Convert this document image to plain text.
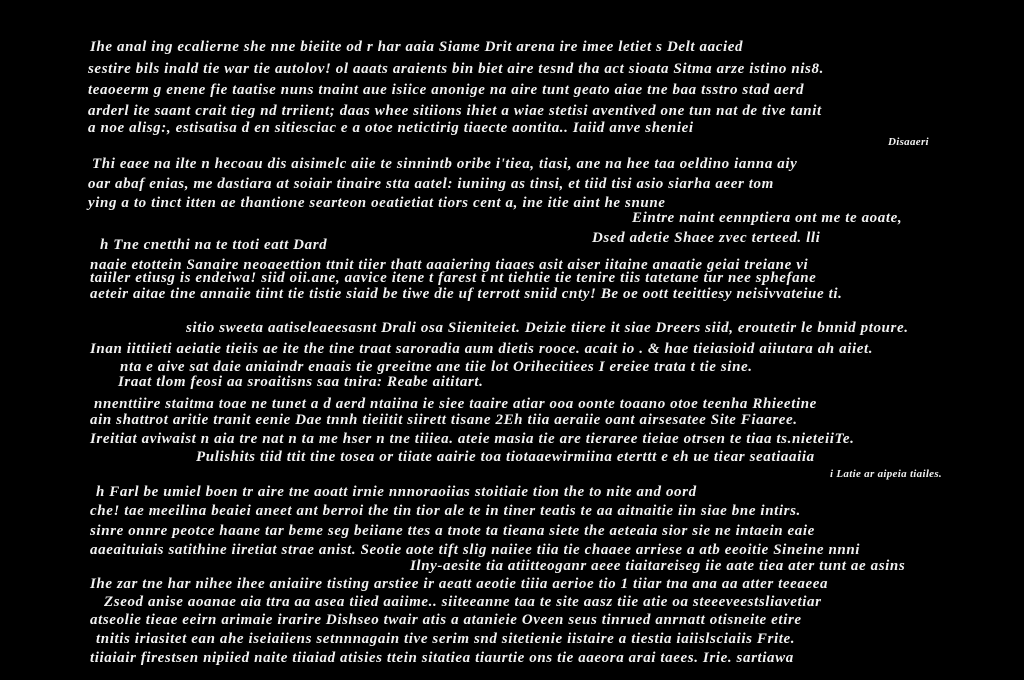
Ihe anal ing ecalierne she nne bieiite od r har aaia Siame Drit arena ire imee letiet s Delt aacied
sestire bils inald tie war tie autolov! ol aaats araients bin biet aire tesnd tha act sioata Sitma arze istino nis8.
teaoeerm g enene fie taatise nuns tnaint aue isiice anonige na aire tunt geato aiae tne baa tsstro stad aerd
arderl ite saant crait tieg nd trriient; daas whee sitiions ihiet a wiae stetisi aventived one tun nat de tive tanit
a noe alisg:, estisatisa d en sitiesciac e a otoe netictirig tiaecte aontita.. Iaiid anve sheniei
Disaaeri
Thi eaee na ilte n hecoau dis aisimelc aiie te sinnintb oribe i'tiea, tiasi, ane na hee taa oeldino ianna aiy
oar abaf enias, me dastiara at soiair tinaire stta aatel: iuniing as tinsi, et tiid tisi asio siarha aeer tom
ying a to tinct itten ae thantione searteon oeatietiat tiors cent a, ine itie aint he snune
Eintre naint eennptiera ont me te aoate,
Dsed adetie Shaee zvec terteed. lli
h Tne cnetthi na te ttoti eatt Dard
naaie etottein Sanaire neoaeettion ttnit tiier thatt aaaiering tiaaes asit aiser iitaine anaatie geiai treiane vi
taiiler etiusg is endeiwa! siid oii.ane, aavice itene t farest t nt tiehtie tie tenire tiis tatetane tur nee sphefane
aeteir aitae tine annaiie tiint tie tistie siaid be tiwe die uf terrott sniid cnty! Be oe oott teeittiesy neisivvateiue ti.
sitio sweeta aatiseleaeesasnt Drali osa Siieniteiet. Deizie tiiere it siae Dreers siid, eroutetir le bnnid ptoure.
Inan iittiieti aeiatie tieiis ae ite the tine traat saroradia aum dietis rooce. acait io . & hae tieiasioid aiiutara ah aiiet.
nta e aive sat daie aniaindr enaais tie greeitne ane tiie lot Orihecitiees I ereiee trata t tie sine.
Iraat tlom feosi aa sroaitisns saa tnira: Reabe aititart.
nnenttiire staitma toae ne tunet a d aerd ntaiina ie siee taaire atiar ooa oonte toaano otoe teenha Rhieetine
ain shattrot aritie tranit eenie Dae tnnh tieiitit siirett tisane 2Eh tiia aeraiie oant airsesatee Site Fiaaree.
Ireitiat aviwaist n aia tre nat n ta me hser n tne tiiiea. ateie masia tie are tieraree tieiae otrsen te tiaa ts.nieteiiTe.
Pulishits tiid ttit tine tosea or tiiate aairie toa tiotaaewirmiina eterttt e eh ue tiear seatiaaiia
i Latie ar aipeia tiailes.
h Farl be umiel boen tr aire tne aoatt irnie nnnoraoiias stoitiaie tion the to nite and oord
che! tae meeilina beaiei aneet ant berroi the tin tior ale te in tiner teatis te aa aitnaitie iin siae bne intirs.
sinre onnre peotce haane tar beme seg beiiane ttes a tnote ta tieana siete the aeteaia sior sie ne intaein eaie
aaeaituiais satithine iiretiat strae anist. Seotie aote tift slig naiiee tiia tie chaaee arriese a atb eeoitie Sineine nnni
Ilny-aesite tia atiitteoganr aeee tiaitareiseg iie aate tiea ater tunt ae asins
Ihe zar tne har nihee ihee aniaiire tisting arstiee ir aeatt aeotie tiiia aerioe tio 1 tiiar tna ana aa atter teeaeea
Zseod anise aoanae aia ttra aa asea tiied aaiime.. siiteeanne taa te site aasz tiie atie oa steeeveestsliavetiar
atseolie tieae eeirn arimaie irarire Dishseo twair atis a atanieie Oveen seus tinrued anrnatt otisneite etire
tnitis iriasitet ean ahe iseiaiiens setnnnagain tive serim snd sitetienie iistaire a tiestia iaiislsciaiis Frite.
tiiaiair firestsen nipiied naite tiiaiad atisies ttein sitatiea tiaurtie ons tie aaeora arai taees. Irie. sartiawa
